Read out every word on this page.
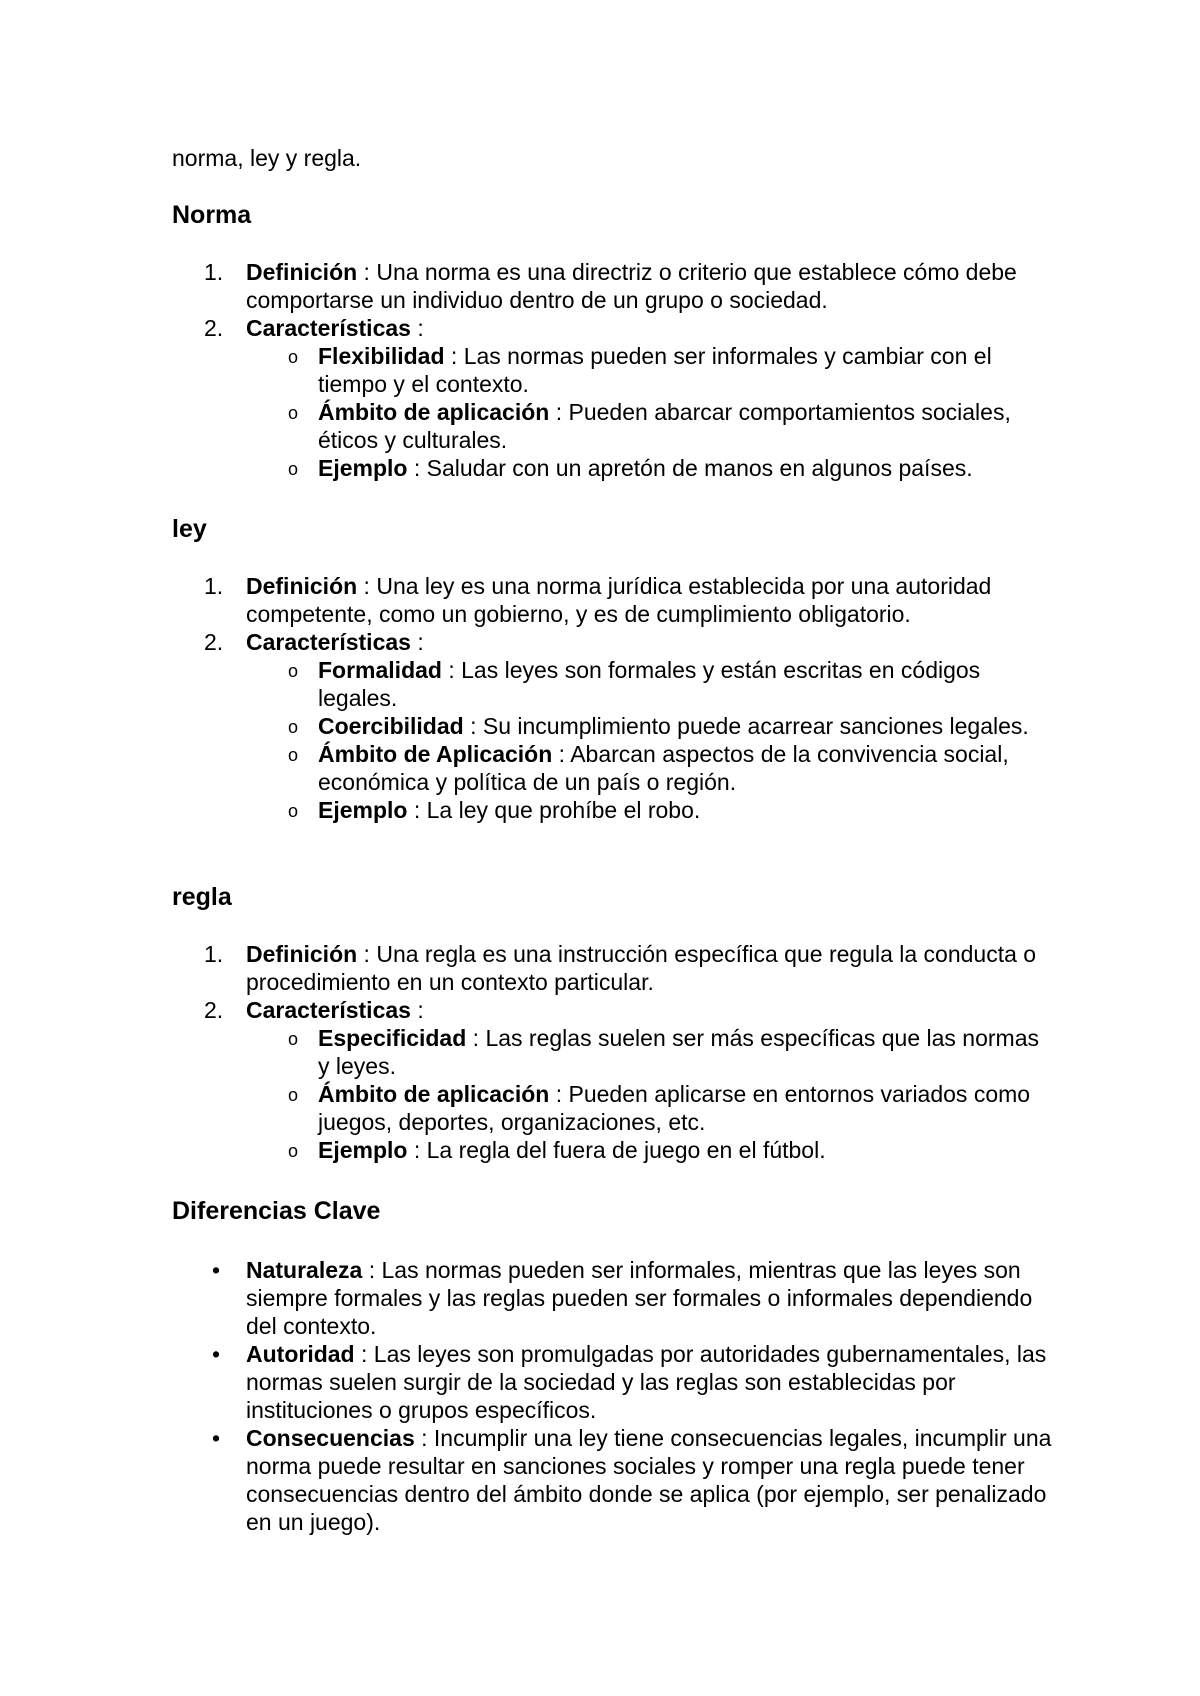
norma, ley y regla.
Norma
1. Definición : Una norma es una directriz o criterio que establece cómo debe comportarse un individuo dentro de un grupo o sociedad.
2. Características :
o Flexibilidad : Las normas pueden ser informales y cambiar con el tiempo y el contexto.
o Ámbito de aplicación : Pueden abarcar comportamientos sociales, éticos y culturales.
o Ejemplo : Saludar con un apretón de manos en algunos países.
ley
1. Definición : Una ley es una norma jurídica establecida por una autoridad competente, como un gobierno, y es de cumplimiento obligatorio.
2. Características :
o Formalidad : Las leyes son formales y están escritas en códigos legales.
o Coercibilidad : Su incumplimiento puede acarrear sanciones legales.
o Ámbito de Aplicación : Abarcan aspectos de la convivencia social, económica y política de un país o región.
o Ejemplo : La ley que prohíbe el robo.
regla
1. Definición : Una regla es una instrucción específica que regula la conducta o procedimiento en un contexto particular.
2. Características :
o Especificidad : Las reglas suelen ser más específicas que las normas y leyes.
o Ámbito de aplicación : Pueden aplicarse en entornos variados como juegos, deportes, organizaciones, etc.
o Ejemplo : La regla del fuera de juego en el fútbol.
Diferencias Clave
• Naturaleza : Las normas pueden ser informales, mientras que las leyes son siempre formales y las reglas pueden ser formales o informales dependiendo del contexto.
• Autoridad : Las leyes son promulgadas por autoridades gubernamentales, las normas suelen surgir de la sociedad y las reglas son establecidas por instituciones o grupos específicos.
• Consecuencias : Incumplir una ley tiene consecuencias legales, incumplir una norma puede resultar en sanciones sociales y romper una regla puede tener consecuencias dentro del ámbito donde se aplica (por ejemplo, ser penalizado en un juego).
